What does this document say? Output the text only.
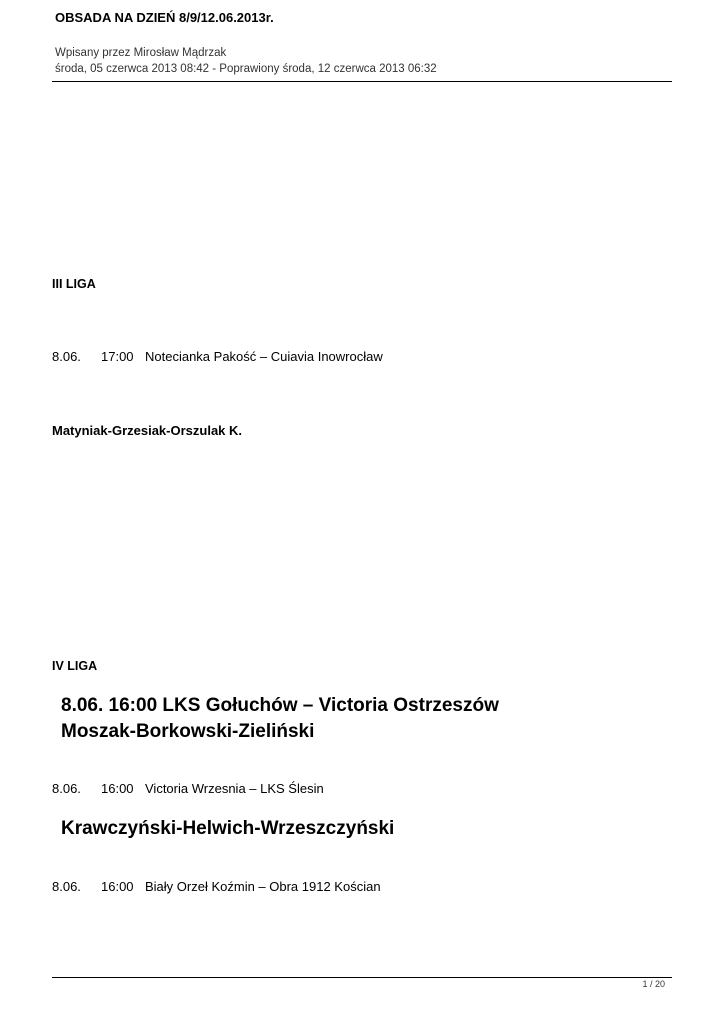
OBSADA NA DZIEŃ 8/9/12.06.2013r.
Wpisany przez Mirosław Mądrzak
środa, 05 czerwca 2013 08:42 - Poprawiony środa, 12 czerwca 2013 06:32
III LIGA
8.06. 17:00 Notecianka Pakość – Cuiavia Inowrocław
Matyniak-Grzesiak-Orszulak K.
IV LIGA
8.06. 16:00 LKS Gołuchów – Victoria Ostrzeszów
Moszak-Borkowski-Zieliński
8.06. 16:00 Victoria Wrzesnia – LKS Ślesin
Krawczyński-Helwich-Wrzeszczyński
8.06. 16:00 Biały Orzeł Koźmin – Obra 1912 Kościan
1 / 20
